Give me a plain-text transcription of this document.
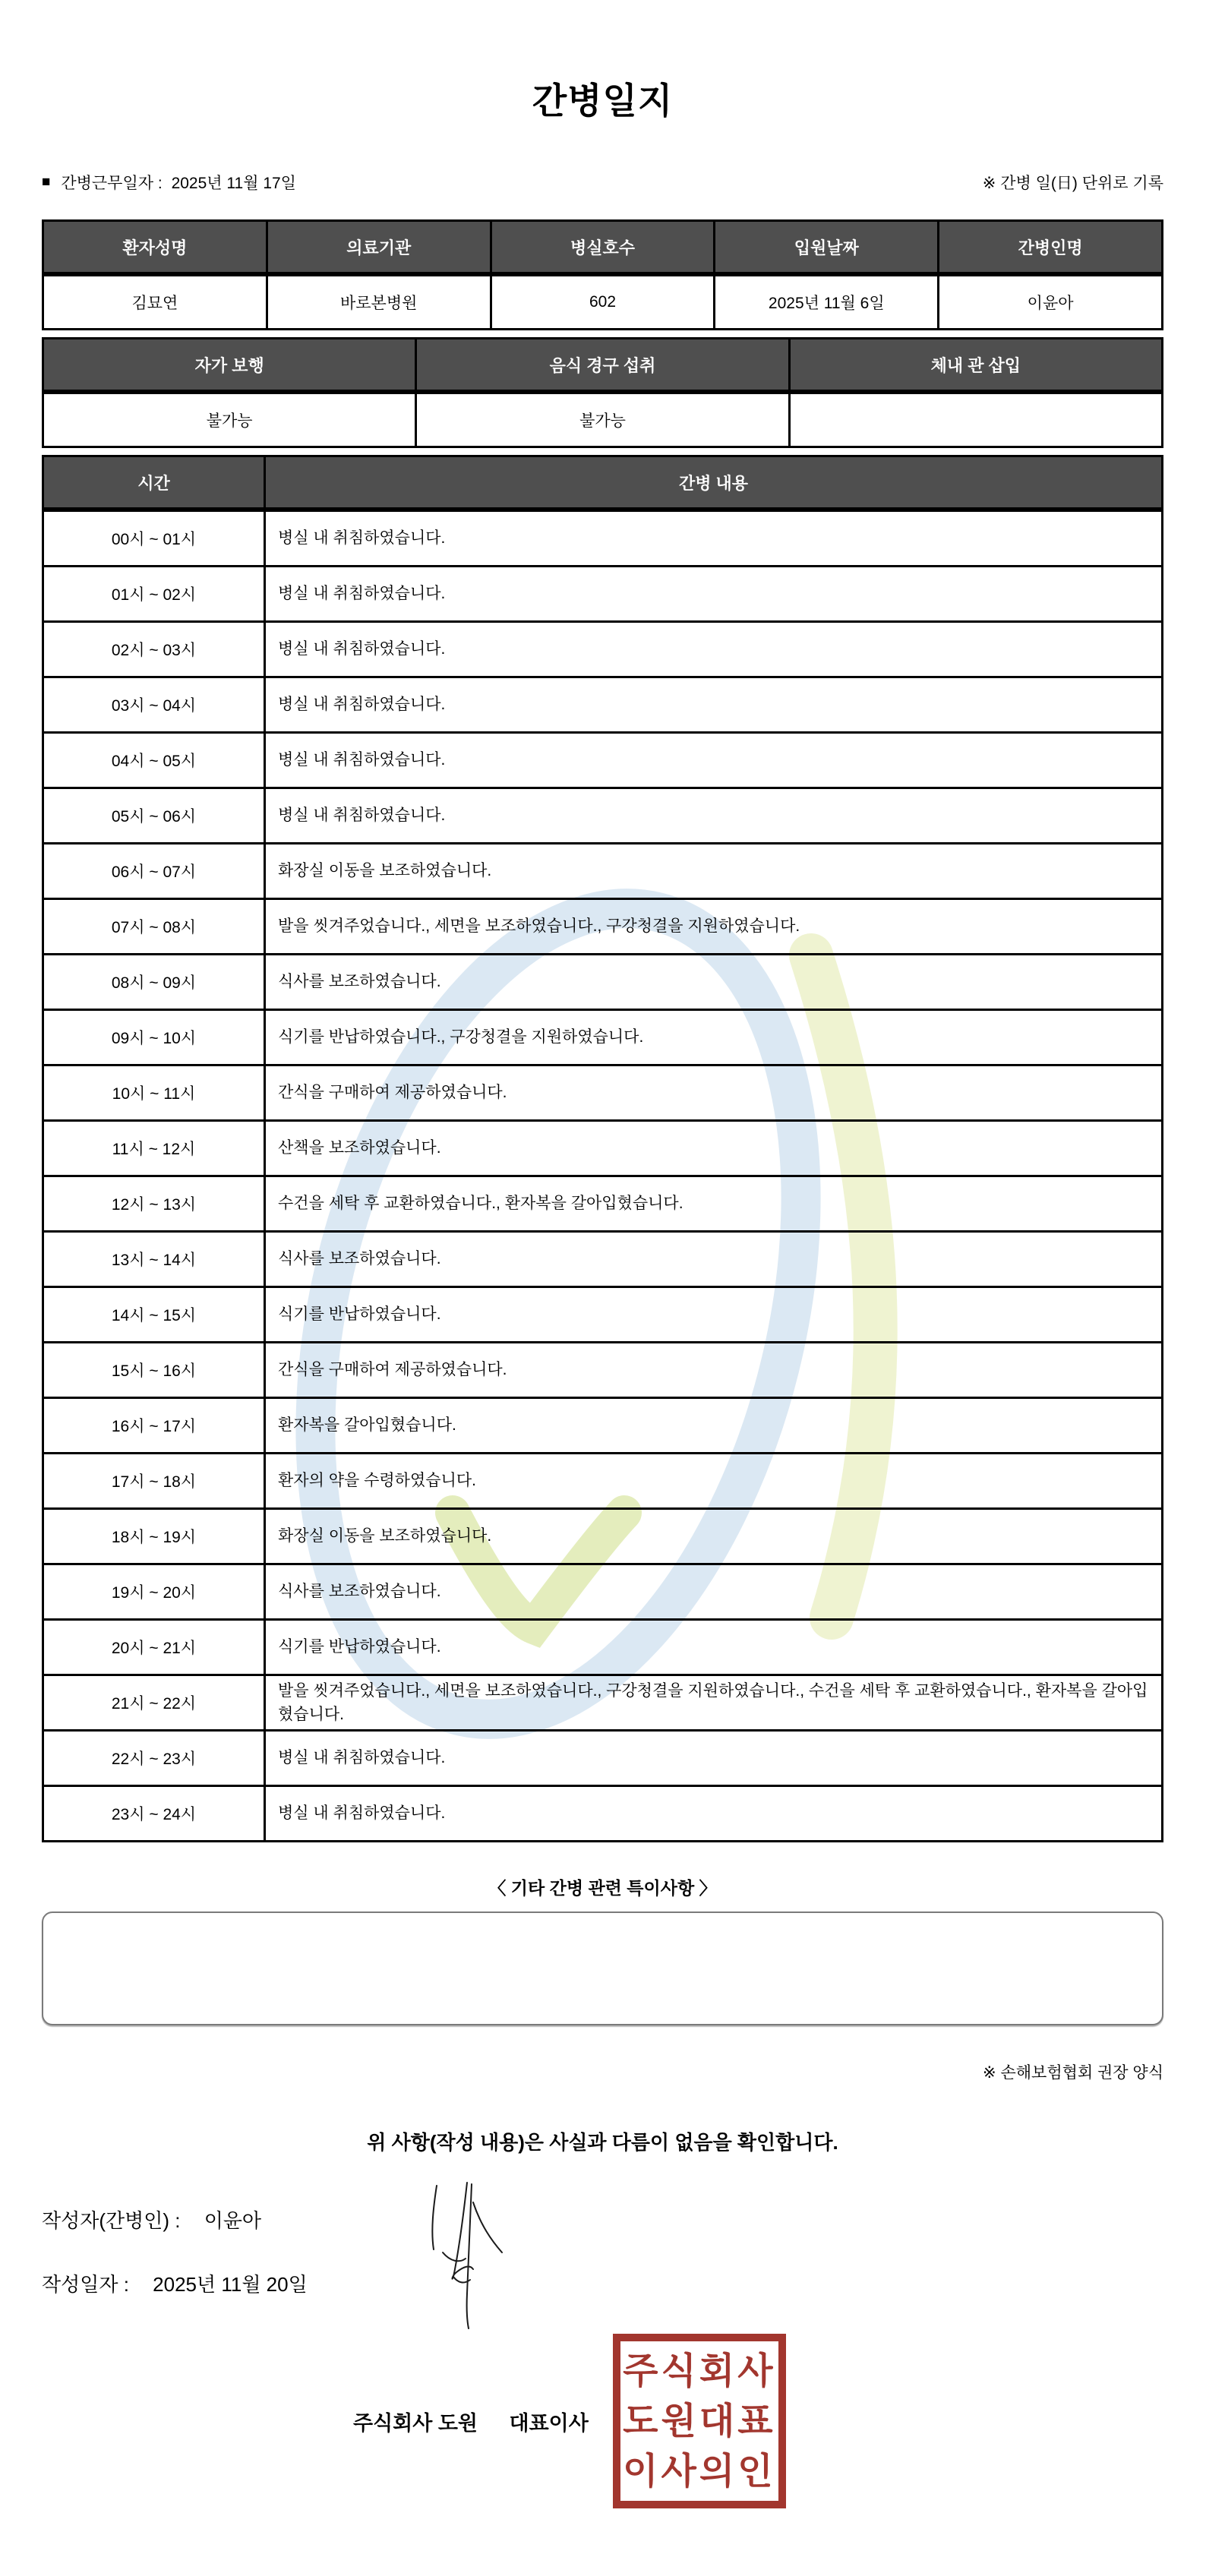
간병일지
■ 간병근무일자 : 2025년 11월 17일	※ 간병 일(日) 단위로 기록
환자성명	의료기관	병실호수	입원날짜	간병인명
김묘연	바로본병원	602	2025년 11월 6일	이윤아
자가 보행	음식 경구 섭취	체내 관 삽입
불가능	불가능	
시간	간병 내용
00시 ~ 01시	병실 내 취침하였습니다.
01시 ~ 02시	병실 내 취침하였습니다.
02시 ~ 03시	병실 내 취침하였습니다.
03시 ~ 04시	병실 내 취침하였습니다.
04시 ~ 05시	병실 내 취침하였습니다.
05시 ~ 06시	병실 내 취침하였습니다.
06시 ~ 07시	화장실 이동을 보조하였습니다.
07시 ~ 08시	발을 씻겨주었습니다., 세면을 보조하였습니다., 구강청결을 지원하였습니다.
08시 ~ 09시	식사를 보조하였습니다.
09시 ~ 10시	식기를 반납하였습니다., 구강청결을 지원하였습니다.
10시 ~ 11시	간식을 구매하여 제공하였습니다.
11시 ~ 12시	산책을 보조하였습니다.
12시 ~ 13시	수건을 세탁 후 교환하였습니다., 환자복을 갈아입혔습니다.
13시 ~ 14시	식사를 보조하였습니다.
14시 ~ 15시	식기를 반납하였습니다.
15시 ~ 16시	간식을 구매하여 제공하였습니다.
16시 ~ 17시	환자복을 갈아입혔습니다.
17시 ~ 18시	환자의 약을 수령하였습니다.
18시 ~ 19시	화장실 이동을 보조하였습니다.
19시 ~ 20시	식사를 보조하였습니다.
20시 ~ 21시	식기를 반납하였습니다.
21시 ~ 22시	발을 씻겨주었습니다., 세면을 보조하였습니다., 구강청결을 지원하였습니다., 수건을 세탁 후 교환하였습니다., 환자복을 갈아입혔습니다.
22시 ~ 23시	병실 내 취침하였습니다.
23시 ~ 24시	병실 내 취침하였습니다.
〈 기타 간병 관련 특이사항 〉
※ 손해보험협회 권장 양식
위 사항(작성 내용)은 사실과 다름이 없음을 확인합니다.
작성자(간병인) : 이윤아
작성일자 : 2025년 11월 20일
주식회사 도원 대표이사
주식회사
도원대표
이사의인
